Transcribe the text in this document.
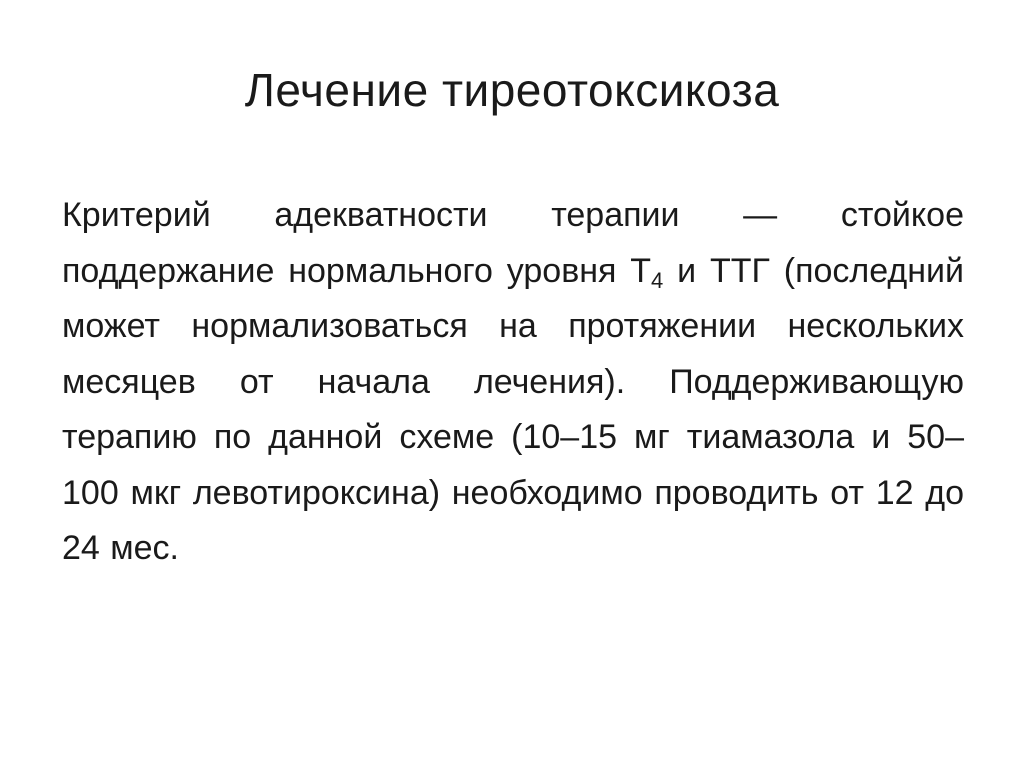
Лечение тиреотоксикоза

Критерий адекватности терапии — стойкое поддержание нормального уровня $Т_4$ и ТТГ (последний может нормализоваться на протяжении нескольких месяцев от начала лечения). Поддерживающую терапию по данной схеме (10–15 мг тиамазола и 50–100 мкг левотироксина) необходимо проводить от 12 до 24 мес.
